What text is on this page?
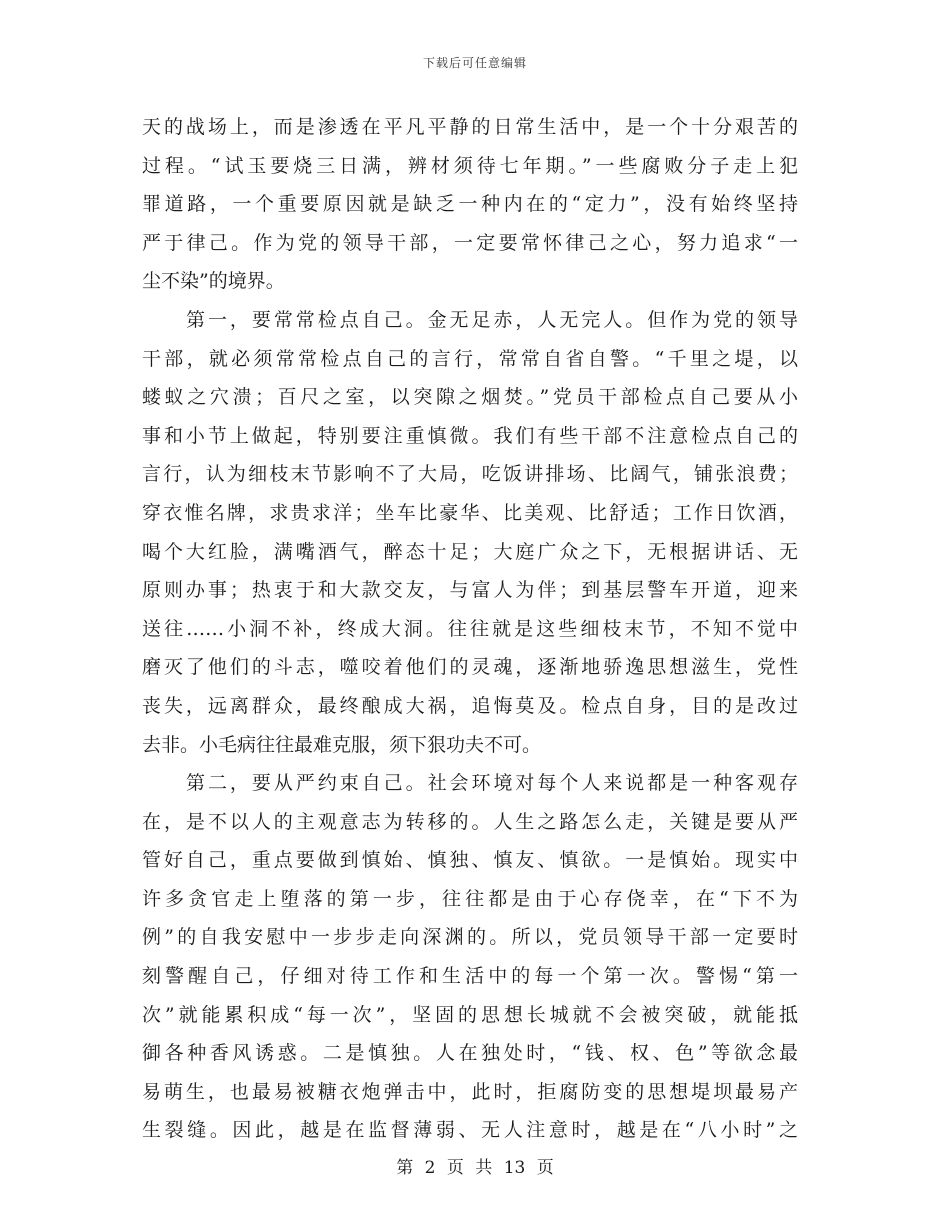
下载后可任意编辑
天的战场上，而是渗透在平凡平静的日常生活中，是一个十分艰苦的
过程。“试玉要烧三日满，辨材须待七年期。”一些腐败分子走上犯
罪道路，一个重要原因就是缺乏一种内在的“定力”，没有始终坚持
严于律己。作为党的领导干部，一定要常怀律己之心，努力追求“一
尘不染”的境界。
第一，要常常检点自己。金无足赤，人无完人。但作为党的领导
干部，就必须常常检点自己的言行，常常自省自警。“千里之堤，以
蝼蚁之穴溃；百尺之室，以突隙之烟焚。”党员干部检点自己要从小
事和小节上做起，特别要注重慎微。我们有些干部不注意检点自己的
言行，认为细枝末节影响不了大局，吃饭讲排场、比阔气，铺张浪费；
穿衣惟名牌，求贵求洋；坐车比豪华、比美观、比舒适；工作日饮酒，
喝个大红脸，满嘴酒气，醉态十足；大庭广众之下，无根据讲话、无
原则办事；热衷于和大款交友，与富人为伴；到基层警车开道，迎来
送往……小洞不补，终成大洞。往往就是这些细枝末节，不知不觉中
磨灭了他们的斗志，噬咬着他们的灵魂，逐渐地骄逸思想滋生，党性
丧失，远离群众，最终酿成大祸，追悔莫及。检点自身，目的是改过
去非。小毛病往往最难克服，须下狠功夫不可。
第二，要从严约束自己。社会环境对每个人来说都是一种客观存
在，是不以人的主观意志为转移的。人生之路怎么走，关键是要从严
管好自己，重点要做到慎始、慎独、慎友、慎欲。一是慎始。现实中
许多贪官走上堕落的第一步，往往都是由于心存侥幸，在“下不为
例”的自我安慰中一步步走向深渊的。所以，党员领导干部一定要时
刻警醒自己，仔细对待工作和生活中的每一个第一次。警惕“第一
次”就能累积成“每一次”，坚固的思想长城就不会被突破，就能抵
御各种香风诱惑。二是慎独。人在独处时，“钱、权、色”等欲念最
易萌生，也最易被糖衣炮弹击中，此时，拒腐防变的思想堤坝最易产
生裂缝。因此，越是在监督薄弱、无人注意时，越是在“八小时”之
第 2 页 共 13 页
